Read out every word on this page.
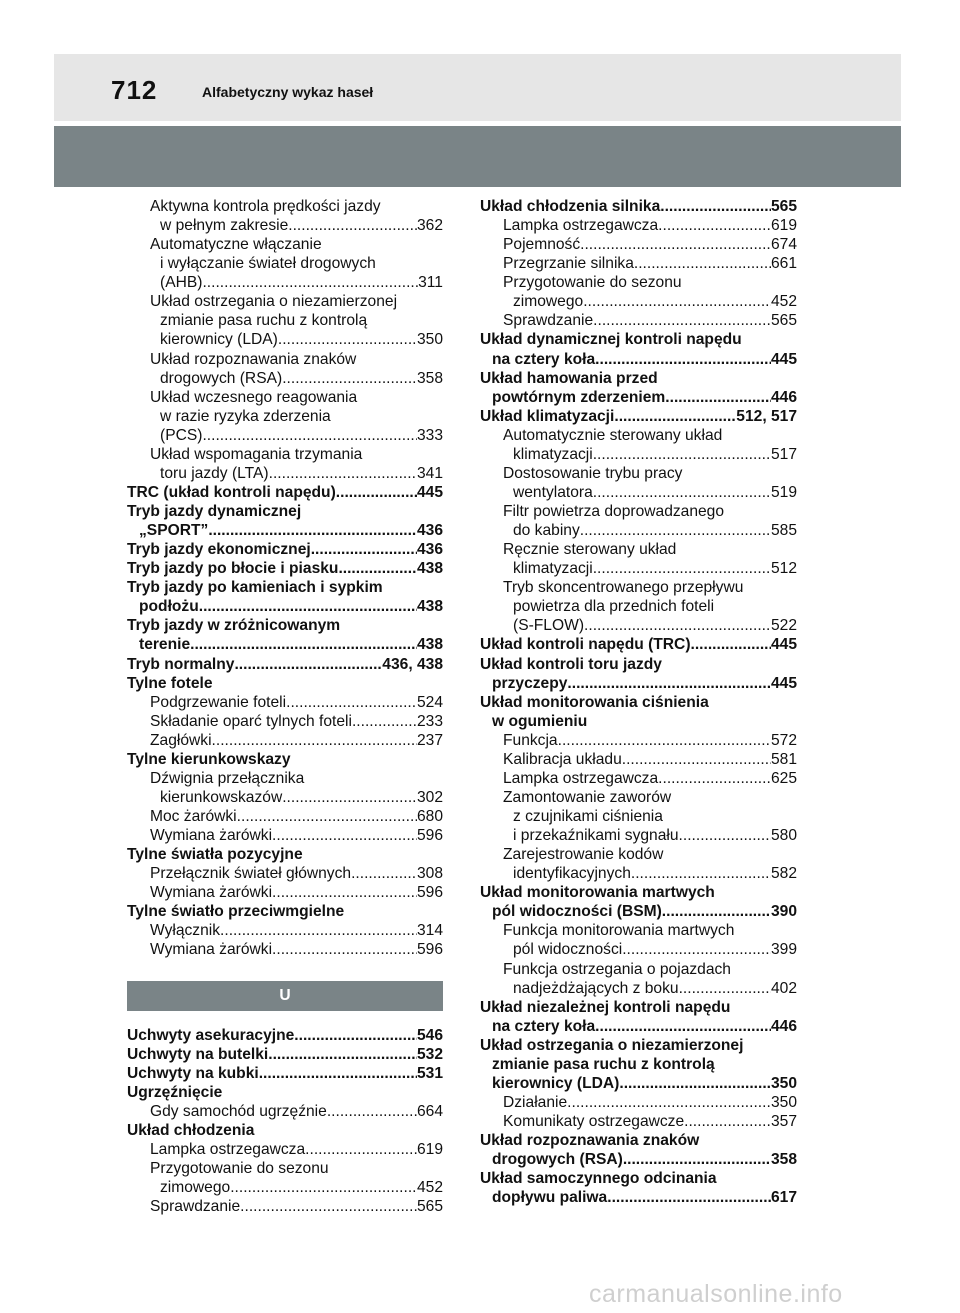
712	Alfabetyczny wykaz haseł
Aktywna kontrola prędkości jazdy
w pełnym zakresie .....	362
Automatyczne włączanie
i wyłączanie świateł drogowych
(AHB) .....	311
Układ ostrzegania o niezamierzonej
zmianie pasa ruchu z kontrolą
kierownicy (LDA) .....	350
Układ rozpoznawania znaków
drogowych (RSA) .....	358
Układ wczesnego reagowania
w razie ryzyka zderzenia
(PCS) .....	333
Układ wspomagania trzymania
toru jazdy (LTA) .....	341
TRC (układ kontroli napędu) .....	445
Tryb jazdy dynamicznej
„SPORT” .....	436
Tryb jazdy ekonomicznej .....	436
Tryb jazdy po błocie i piasku .....	438
Tryb jazdy po kamieniach i sypkim
podłożu .....	438
Tryb jazdy w zróżnicowanym
terenie .....	438
Tryb normalny .....	436, 438
Tylne fotele
Podgrzewanie foteli .....	524
Składanie oparć tylnych foteli .....	233
Zagłówki .....	237
Tylne kierunkowskazy
Dźwignia przełącznika
kierunkowskazów .....	302
Moc żarówki .....	680
Wymiana żarówki .....	596
Tylne światła pozycyjne
Przełącznik świateł głównych .....	308
Wymiana żarówki .....	596
Tylne światło przeciwmgielne
Wyłącznik .....	314
Wymiana żarówki .....	596
U
Uchwyty asekuracyjne .....	546
Uchwyty na butelki .....	532
Uchwyty na kubki .....	531
Ugrzęźnięcie
Gdy samochód ugrzęźnie .....	664
Układ chłodzenia
Lampka ostrzegawcza .....	619
Przygotowanie do sezonu
zimowego .....	452
Sprawdzanie .....	565
Układ chłodzenia silnika .....	565
Lampka ostrzegawcza .....	619
Pojemność .....	674
Przegrzanie silnika .....	661
Przygotowanie do sezonu
zimowego .....	452
Sprawdzanie .....	565
Układ dynamicznej kontroli napędu
na cztery koła .....	445
Układ hamowania przed
powtórnym zderzeniem .....	446
Układ klimatyzacji .....	512, 517
Automatycznie sterowany układ
klimatyzacji .....	517
Dostosowanie trybu pracy
wentylatora .....	519
Filtr powietrza doprowadzanego
do kabiny .....	585
Ręcznie sterowany układ
klimatyzacji .....	512
Tryb skoncentrowanego przepływu
powietrza dla przednich foteli
(S-FLOW) .....	522
Układ kontroli napędu (TRC) .....	445
Układ kontroli toru jazdy
przyczepy .....	445
Układ monitorowania ciśnienia
w ogumieniu
Funkcja .....	572
Kalibracja układu .....	581
Lampka ostrzegawcza .....	625
Zamontowanie zaworów
z czujnikami ciśnienia
i przekaźnikami sygnału .....	580
Zarejestrowanie kodów
identyfikacyjnych .....	582
Układ monitorowania martwych
pól widoczności (BSM) .....	390
Funkcja monitorowania martwych
pól widoczności .....	399
Funkcja ostrzegania o pojazdach
nadjeżdżających z boku .....	402
Układ niezależnej kontroli napędu
na cztery koła .....	446
Układ ostrzegania o niezamierzonej
zmianie pasa ruchu z kontrolą
kierownicy (LDA) .....	350
Działanie .....	350
Komunikaty ostrzegawcze .....	357
Układ rozpoznawania znaków
drogowych (RSA) .....	358
Układ samoczynnego odcinania
dopływu paliwa .....	617
carmanualsonline.info
